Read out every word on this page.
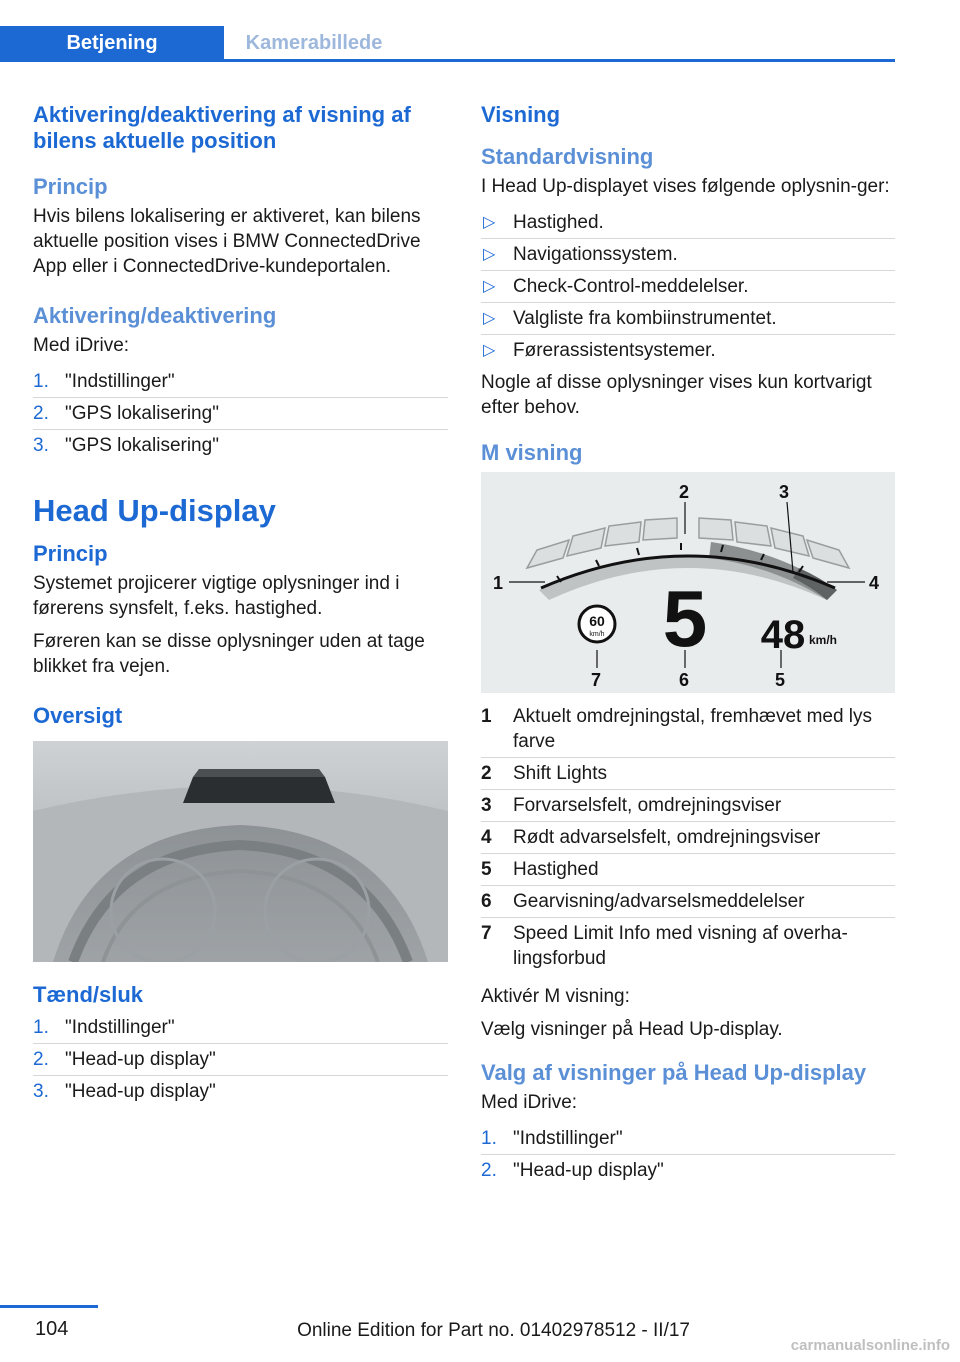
Betjening	Kamerabillede
Aktivering/deaktivering af visning af bilens aktuelle position
Princip

Hvis bilens lokalisering er aktiveret, kan bilens aktuelle position vises i BMW ConnectedDrive App eller i ConnectedDrive-kundeportalen.

Aktivering/deaktivering

Med iDrive:

1. "Indstillinger"
2. "GPS lokalisering"
3. "GPS lokalisering"
Head Up-display
Princip

Systemet projicerer vigtige oplysninger ind i førerens synsfelt, f.eks. hastighed.

Føreren kan se disse oplysninger uden at tage blikket fra vejen.

Oversigt
Tænd/sluk
1. "Indstillinger"
2. "Head-up display"
3. "Head-up display"
Visning
Standardvisning

I Head Up-displayet vises følgende oplysnin-ger:

▷ Hastighed.
▷ Navigationssystem.
▷ Check-Control-meddelelser.
▷ Valgliste fra kombiinstrumentet.
▷ Førerassistentsystemer.

Nogle af disse oplysninger vises kun kortvarigt efter behov.

M visning
60
km/h 5 48 km/h
1
2	3
4
5
6
7
1 Aktuelt omdrejningstal, fremhævet med lys farve
2 Shift Lights
3 Forvarselsfelt, omdrejningsviser
4 Rødt advarselsfelt, omdrejningsviser
5 Hastighed
6 Gearvisning/advarselsmeddelelser
7 Speed Limit Info med visning af overha-lingsforbud

Aktivér M visning:

Vælg visninger på Head Up-display.

Valg af visninger på Head Up-display

Med iDrive:

1. "Indstillinger"
2. "Head-up display"
104	Online Edition for Part no. 01402978512 - II/17
carmanualsonline.info
